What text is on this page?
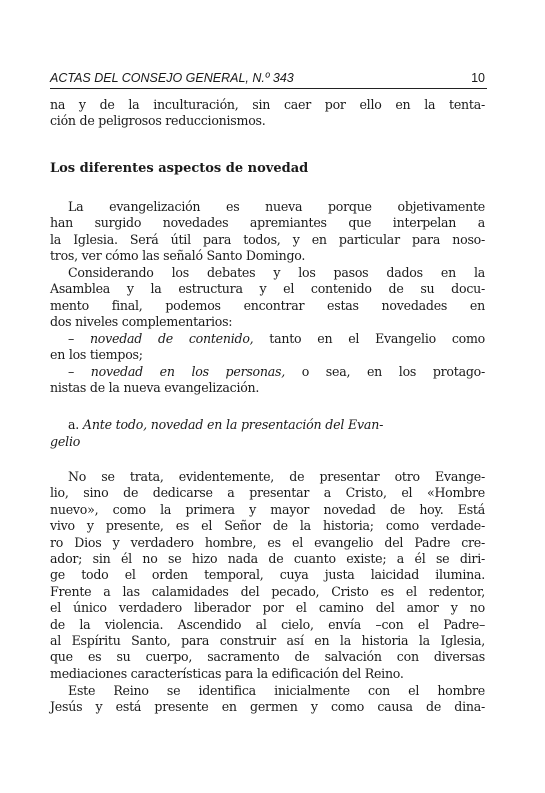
ACTAS DEL CONSEJO GENERAL, N.º 343	10
na y de la inculturación, sin caer por ello en la tenta-
ción de peligrosos reduccionismos.
Los diferentes aspectos de novedad
La evangelización es nueva porque objetivamente
han surgido novedades apremiantes que interpelan a
la Iglesia. Será útil para todos, y en particular para noso-
tros, ver cómo las señaló Santo Domingo.
Considerando los debates y los pasos dados en la
Asamblea y la estructura y el contenido de su docu-
mento final, podemos encontrar estas novedades en
dos niveles complementarios:
– novedad de contenido, tanto en el Evangelio como
en los tiempos;
– novedad en los personas, o sea, en los protago-
nistas de la nueva evangelización.
a. Ante todo, novedad en la presentación del Evan-
gelio
No se trata, evidentemente, de presentar otro Evange-
lio, sino de dedicarse a presentar a Cristo, el «Hombre
nuevo», como la primera y mayor novedad de hoy. Está
vivo y presente, es el Señor de la historia; como verdade-
ro Dios y verdadero hombre, es el evangelio del Padre cre-
ador; sin él no se hizo nada de cuanto existe; a él se diri-
ge todo el orden temporal, cuya justa laicidad ilumina.
Frente a las calamidades del pecado, Cristo es el redentor,
el único verdadero liberador por el camino del amor y no
de la violencia. Ascendido al cielo, envía –con el Padre–
al Espíritu Santo, para construir así en la historia la Iglesia,
que es su cuerpo, sacramento de salvación con diversas
mediaciones características para la edificación del Reino.
Este Reino se identifica inicialmente con el hombre
Jesús y está presente en germen y como causa de dina-
